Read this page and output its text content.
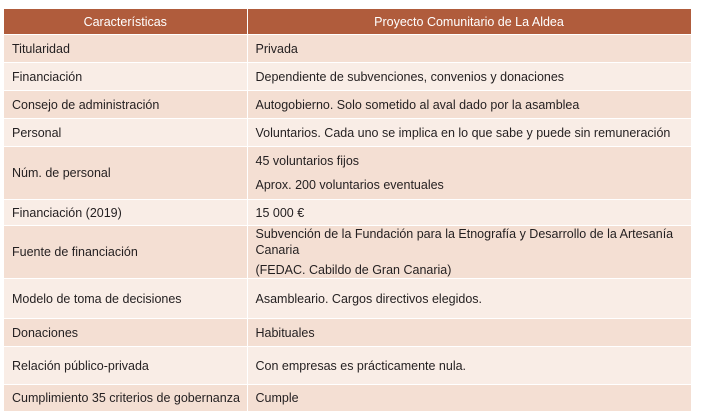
Características	Proyecto Comunitario de La Aldea
Titularidad	Privada
Financiación	Dependiente de subvenciones, convenios y donaciones
Consejo de administración	Autogobierno. Solo sometido al aval dado por la asamblea
Personal	Voluntarios. Cada uno se implica en lo que sabe y puede sin remuneración
Núm. de personal	45 voluntarios fijos
Aprox. 200 voluntarios eventuales

Financiación (2019)	15 000 €
Fuente de financiación	Subvención de la Fundación para la Etnografía y Desarrollo de la Artesanía Canaria
(FEDAC. Cabildo de Gran Canaria)

Modelo de toma de decisiones	Asambleario. Cargos directivos elegidos.
Donaciones	Habituales
Relación público-privada	Con empresas es prácticamente nula.
Cumplimiento 35 criterios de gobernanza	Cumple
